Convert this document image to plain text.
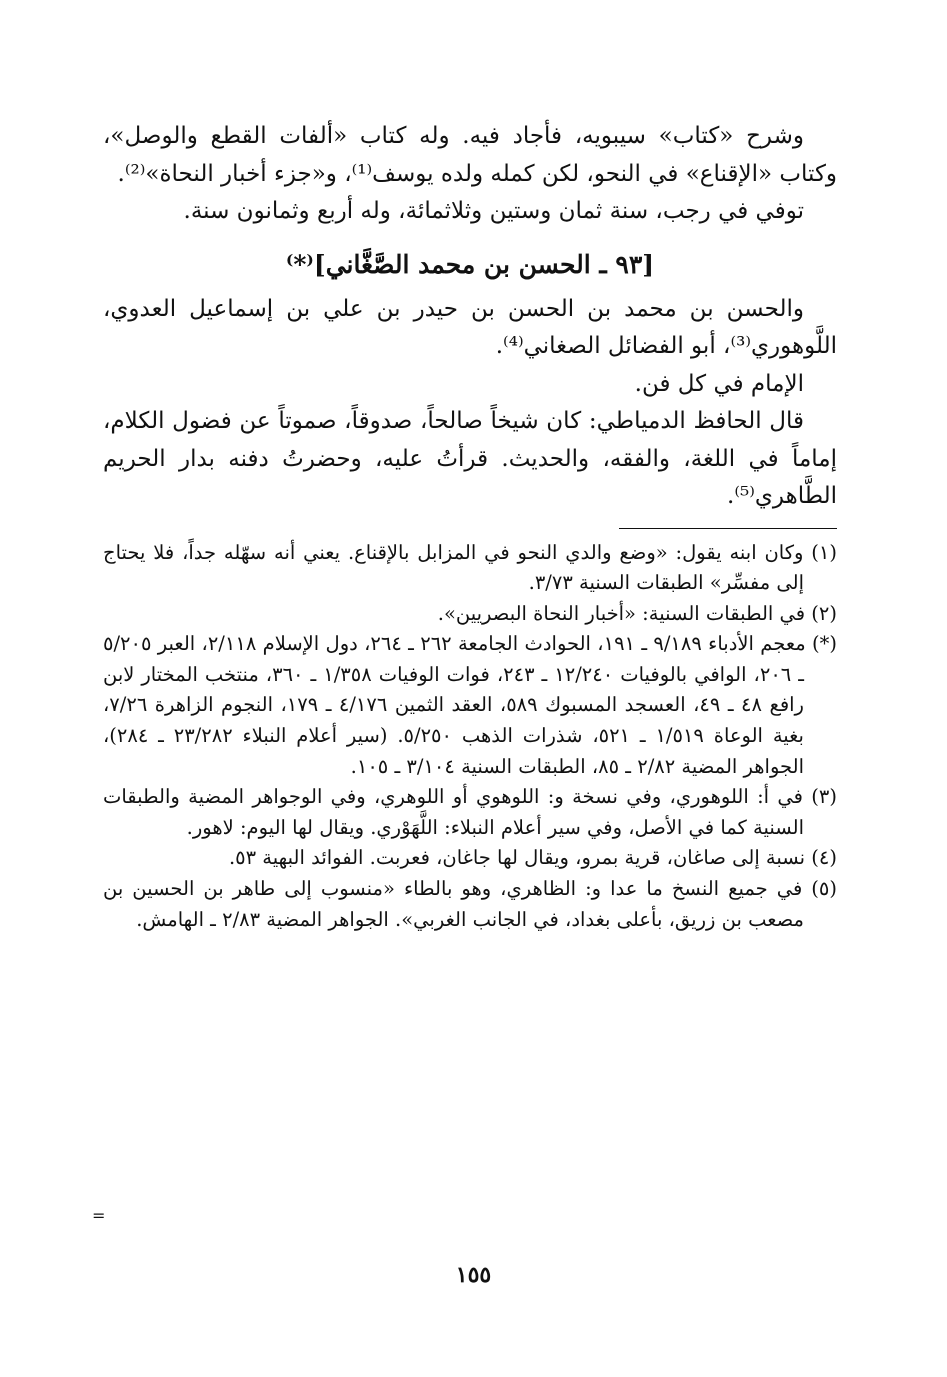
وشرح «كتاب» سيبويه، فأجاد فيه. وله كتاب «ألفات القطع والوصل»، وكتاب «الإقناع» في النحو، لكن كمله ولده يوسف⁽¹⁾، و«جزء أخبار النحاة»⁽²⁾.

توفي في رجب، سنة ثمان وستين وثلاثمائة، وله أربع وثمانون سنة.

[٩٣ ـ الحسن بن محمد الصَّغَّاني]⁽*⁾

والحسن بن محمد بن الحسن بن حيدر بن علي بن إسماعيل العدوي، اللَّوهوري⁽³⁾، أبو الفضائل الصغاني⁽⁴⁾.

الإمام في كل فن.

قال الحافظ الدمياطي: كان شيخاً صالحاً، صدوقاً، صموتاً عن فضول الكلام، إماماً في اللغة، والفقه، والحديث. قرأتُ عليه، وحضرتُ دفنه بدار الحريم الطَّاهري⁽⁵⁾.

(١) وكان ابنه يقول: «وضع والدي النحو في المزابل بالإقناع. يعني أنه سهّله جداً، فلا يحتاج إلى مفسِّر» الطبقات السنية ٣/٧٣.

(٢) في الطبقات السنية: «أخبار النحاة البصريين».

(*) معجم الأدباء ٩/١٨٩ ـ ١٩١، الحوادث الجامعة ٢٦٢ ـ ٢٦٤، دول الإسلام ٢/١١٨، العبر ٥/٢٠٥ ـ ٢٠٦، الوافي بالوفيات ١٢/٢٤٠ ـ ٢٤٣، فوات الوفيات ١/٣٥٨ ـ ٣٦٠، منتخب المختار لابن رافع ٤٨ ـ ٤٩، العسجد المسبوك ٥٨٩، العقد الثمين ٤/١٧٦ ـ ١٧٩، النجوم الزاهرة ٧/٢٦، بغية الوعاة ١/٥١٩ ـ ٥٢١، شذرات الذهب ٥/٢٥٠. (سير أعلام النبلاء ٢٣/٢٨٢ ـ ٢٨٤)، الجواهر المضية ٢/٨٢ ـ ٨٥، الطبقات السنية ٣/١٠٤ ـ ١٠٥.

(٣) في أ: اللوهوري، وفي نسخة و: اللوهوي أو اللوهري، وفي الوجواهر المضية والطبقات السنية كما في الأصل، وفي سير أعلام النبلاء: اللَّهَوْري. ويقال لها اليوم: لاهور.

(٤) نسبة إلى صاغان، قرية بمرو، ويقال لها جاغان، فعربت. الفوائد البهية ٥٣.

(٥) في جميع النسخ ما عدا و: الظاهري، وهو بالطاء «منسوب إلى طاهر بن الحسين بن مصعب بن زريق، بأعلى بغداد، في الجانب الغربي». الجواهر المضية ٢/٨٣ ـ الهامش.

=
١٥٥
